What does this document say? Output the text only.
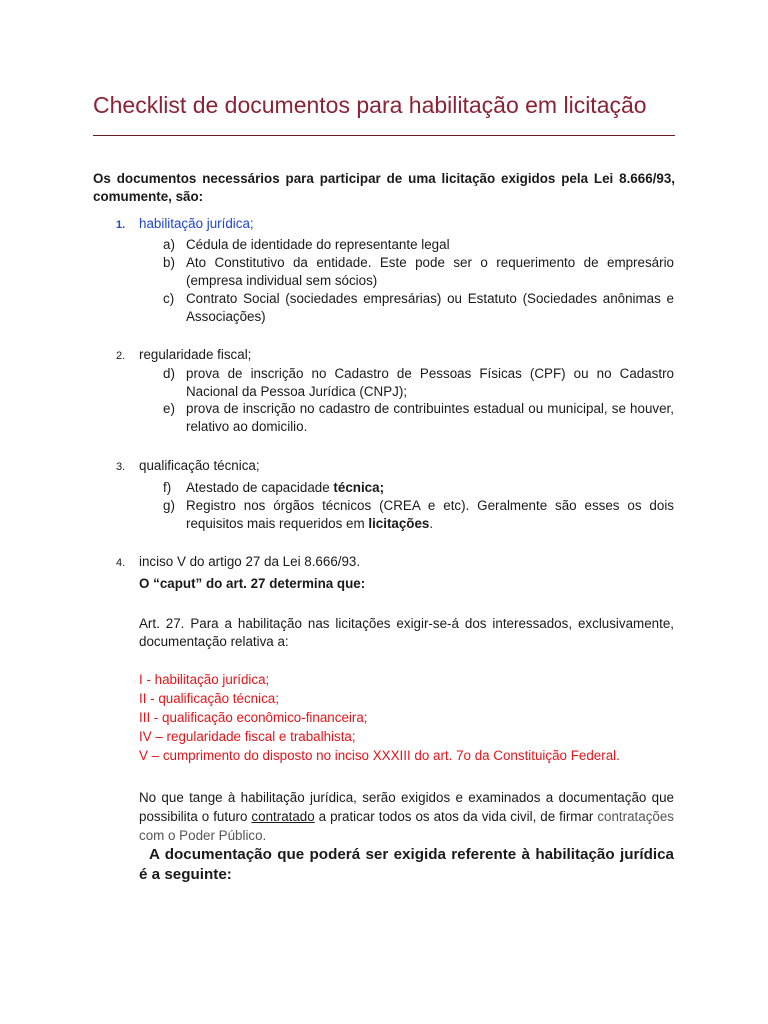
Checklist de documentos para habilitação em licitação

Os documentos necessários para participar de uma licitação exigidos pela Lei 8.666/93, comumente, são:

1. habilitação jurídica;
a) Cédula de identidade do representante legal
b) Ato Constitutivo da entidade. Este pode ser o requerimento de empresário (empresa individual sem sócios)
c) Contrato Social (sociedades empresárias) ou Estatuto (Sociedades anônimas e Associações)
2. regularidade fiscal;
d) prova de inscrição no Cadastro de Pessoas Físicas (CPF) ou no Cadastro Nacional da Pessoa Jurídica (CNPJ);
e) prova de inscrição no cadastro de contribuintes estadual ou municipal, se houver, relativo ao domicilio.
3. qualificação técnica;
f) Atestado de capacidade técnica;
g) Registro nos órgãos técnicos (CREA e etc). Geralmente são esses os dois requisitos mais requeridos em licitações.
4. inciso V do artigo 27 da Lei 8.666/93.
O “caput” do art. 27 determina que:

Art. 27. Para a habilitação nas licitações exigir-se-á dos interessados, exclusivamente, documentação relativa a:

I - habilitação jurídica;
II - qualificação técnica;
III - qualificação econômico-financeira;
IV – regularidade fiscal e trabalhista;
V – cumprimento do disposto no inciso XXXIII do art. 7o da Constituição Federal.

No que tange à habilitação jurídica, serão exigidos e examinados a documentação que possibilita o futuro contratado a praticar todos os atos da vida civil, de firmar contratações com o Poder Público.

A documentação que poderá ser exigida referente à habilitação jurídica é a seguinte:
